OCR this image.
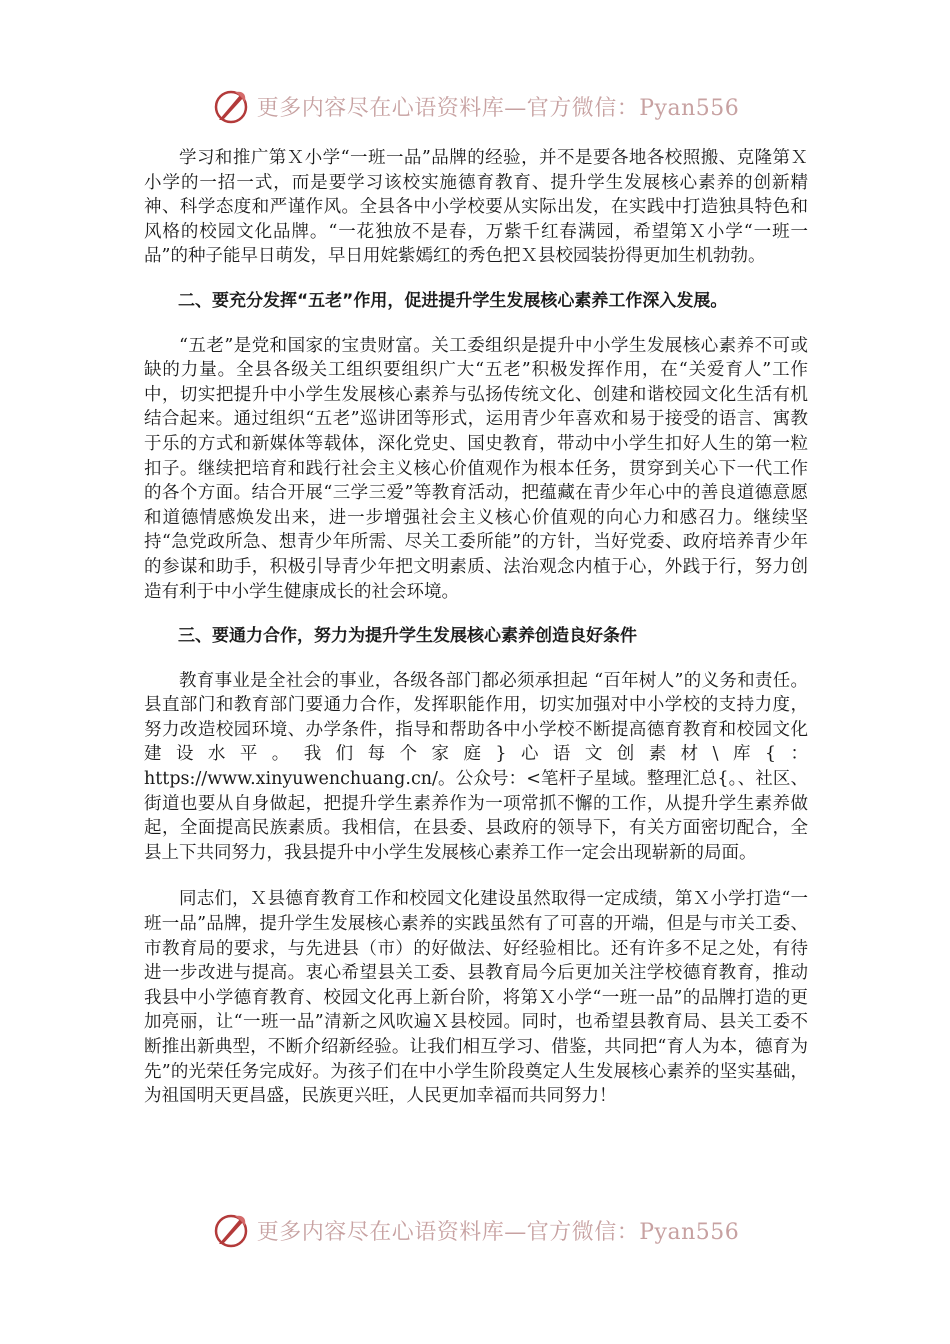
更多内容尽在心语资料库—官方微信：Pyan556

学习和推广第Ｘ小学“一班一品”品牌的经验，并不是要各地各校照搬、克隆第Ｘ小学的一招一式，而是要学习该校实施德育教育、提升学生发展核心素养的创新精神、科学态度和严谨作风。全县各中小学校要从实际出发，在实践中打造独具特色和风格的校园文化品牌。“一花独放不是春，万紫千红春满园，希望第Ｘ小学“一班一品”的种子能早日萌发，早日用姹紫嫣红的秀色把Ｘ县校园装扮得更加生机勃勃。

二、要充分发挥“五老”作用，促进提升学生发展核心素养工作深入发展。

“五老”是党和国家的宝贵财富。关工委组织是提升中小学生发展核心素养不可或缺的力量。全县各级关工组织要组织广大“五老”积极发挥作用，在“关爱育人”工作中，切实把提升中小学生发展核心素养与弘扬传统文化、创建和谐校园文化生活有机结合起来。通过组织“五老”巡讲团等形式，运用青少年喜欢和易于接受的语言、寓教于乐的方式和新媒体等载体，深化党史、国史教育，带动中小学生扣好人生的第一粒扣子。继续把培育和践行社会主义核心价值观作为根本任务，贯穿到关心下一代工作的各个方面。结合开展“三学三爱”等教育活动，把蕴藏在青少年心中的善良道德意愿和道德情感焕发出来，进一步增强社会主义核心价值观的向心力和感召力。继续坚持“急党政所急、想青少年所需、尽关工委所能”的方针，当好党委、政府培养青少年的参谋和助手，积极引导青少年把文明素质、法治观念内植于心，外践于行，努力创造有利于中小学生健康成长的社会环境。

三、要通力合作，努力为提升学生发展核心素养创造良好条件

教育事业是全社会的事业，各级各部门都必须承担起 “百年树人”的义务和责任。县直部门和教育部门要通力合作，发挥职能作用，切实加强对中小学校的支持力度，努力改造校园环境、办学条件，指导和帮助各中小学校不断提高德育教育和校园文化建设水平。我们每个家庭}心语文创素材\库{：https://www.xinyuwenchuang.cn/。公众号：<笔杆子星域。整理汇总{。、社区、街道也要从自身做起，把提升学生素养作为一项常抓不懈的工作，从提升学生素养做起，全面提高民族素质。我相信，在县委、县政府的领导下，有关方面密切配合，全县上下共同努力，我县提升中小学生发展核心素养工作一定会出现崭新的局面。

同志们，Ｘ县德育教育工作和校园文化建设虽然取得一定成绩，第Ｘ小学打造“一班一品”品牌，提升学生发展核心素养的实践虽然有了可喜的开端，但是与市关工委、市教育局的要求，与先进县（市）的好做法、好经验相比。还有许多不足之处，有待进一步改进与提高。衷心希望县关工委、县教育局今后更加关注学校德育教育，推动我县中小学德育教育、校园文化再上新台阶，将第Ｘ小学“一班一品”的品牌打造的更加亮丽，让“一班一品”清新之风吹遍Ｘ县校园。同时，也希望县教育局、县关工委不断推出新典型，不断介绍新经验。让我们相互学习、借鉴，共同把“育人为本，德育为先”的光荣任务完成好。为孩子们在中小学生阶段奠定人生发展核心素养的坚实基础，为祖国明天更昌盛，民族更兴旺，人民更加幸福而共同努力！

更多内容尽在心语资料库—官方微信：Pyan556
